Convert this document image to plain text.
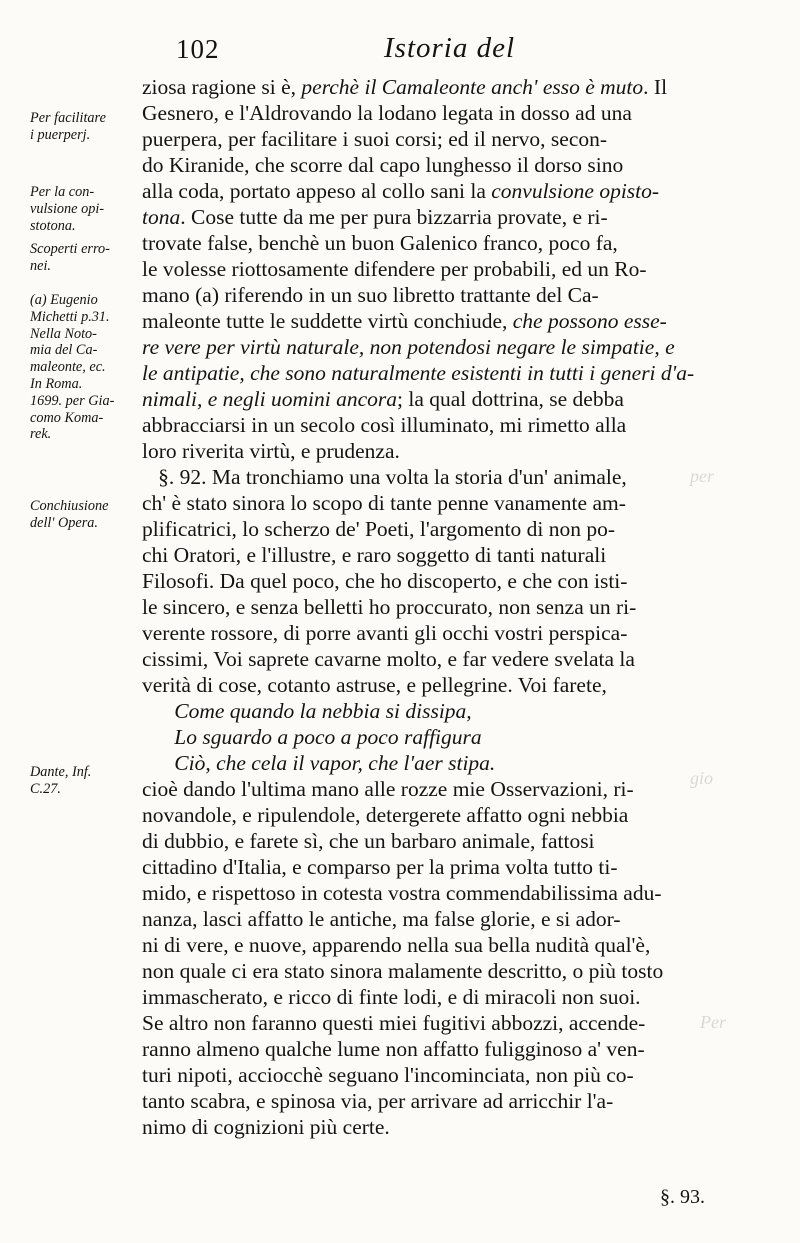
per
gio
Per
102	Istoria del
Per facilitare
i puerperj.
Per la con-
vulsione opi-
stotona.
Scoperti erro-
nei.
(a) Eugenio
Michetti p.31.
Nella Noto-
mia del Ca-
maleonte, ec.
In Roma.
1699. per Gia-
como Koma-
rek.
Conchiusione
dell' Opera.
Dante, Inf.
C.27.
ziosa ragione si è, perchè il Camaleonte anch' esso è muto . Il
Gesnero, e l'Aldrovando la lodano legata in dosso ad una
puerpera, per facilitare i suoi corsi; ed il nervo, secon-
do Kiranide, che scorre dal capo lunghesso il dorso sino
alla coda, portato appeso al collo sani la convulsione opisto-
tona . Cose tutte da me per pura bizzarria provate, e ri-
trovate false, benchè un buon Galenico franco, poco fa,
le volesse riottosamente difendere per probabili, ed un Ro-
mano (a) riferendo in un suo libretto trattante del Ca-
maleonte tutte le suddette virtù conchiude, che possono esse-
re vere per virtù naturale, non potendosi negare le simpatie, e
le antipatie, che sono naturalmente esistenti in tutti i generi d'a-
nimali, e negli uomini ancora ; la qual dottrina, se debba
abbracciarsi in un secolo così illuminato, mi rimetto alla
loro riverita virtù, e prudenza.
§. 92. Ma tronchiamo una volta la storia d'un' animale,
ch' è stato sinora lo scopo di tante penne vanamente am-
plificatrici, lo scherzo de' Poeti, l'argomento di non po-
chi Oratori, e l'illustre, e raro soggetto di tanti naturali
Filosofi. Da quel poco, che ho discoperto, e che con isti-
le sincero, e senza belletti ho proccurato, non senza un ri-
verente rossore, di porre avanti gli occhi vostri perspica-
cissimi, Voi saprete cavarne molto, e far vedere svelata la
verità di cose, cotanto astruse, e pellegrine. Voi farete,
Come quando la nebbia si dissipa,
Lo sguardo a poco a poco raffigura
Ciò, che cela il vapor, che l'aer stipa.
cioè dando l'ultima mano alle rozze mie Osservazioni, ri-
novandole, e ripulendole, detergerete affatto ogni nebbia
di dubbio, e farete sì, che un barbaro animale, fattosi
cittadino d'Italia, e comparso per la prima volta tutto ti-
mido, e rispettoso in cotesta vostra commendabilissima adu-
nanza, lasci affatto le antiche, ma false glorie, e si ador-
ni di vere, e nuove, apparendo nella sua bella nudità qual'è,
non quale ci era stato sinora malamente descritto, o più tosto
immascherato, e ricco di finte lodi, e di miracoli non suoi.
Se altro non faranno questi miei fugitivi abbozzi, accende-
ranno almeno qualche lume non affatto fuligginoso a' ven-
turi nipoti, acciocchè seguano l'incominciata, non più co-
tanto scabra, e spinosa via, per arrivare ad arricchir l'a-
nimo di cognizioni più certe.
§. 93.
